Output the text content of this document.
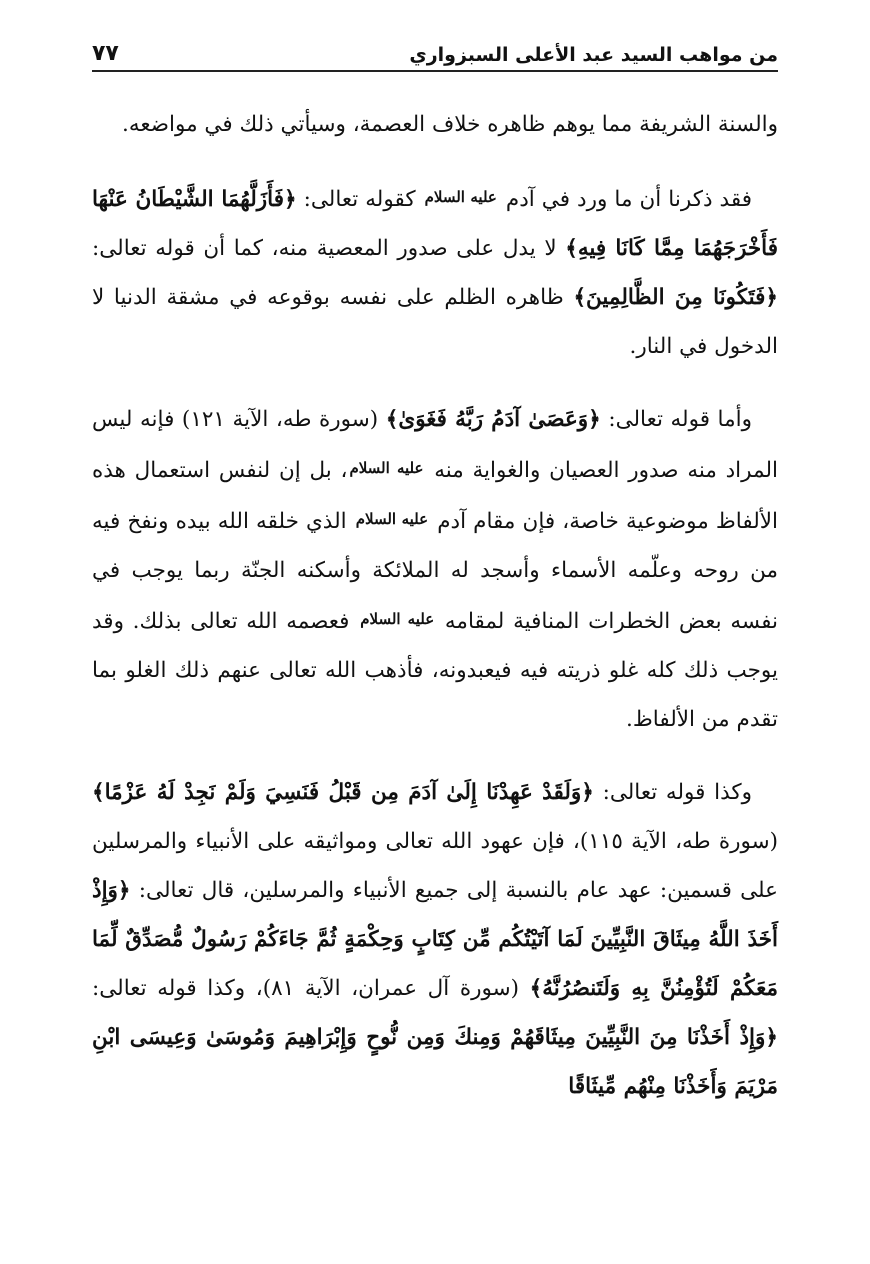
من مواهب السيد عبد الأعلى السبزواري
٧٧

والسنة الشريفة مما يوهم ظاهره خلاف العصمة، وسيأتي ذلك في مواضعه.

فقد ذكرنا أن ما ورد في آدم عليه السلام كقوله تعالى: ﴿فَأَزَلَّهُمَا الشَّيْطَانُ عَنْهَا فَأَخْرَجَهُمَا مِمَّا كَانَا فِيهِ﴾ لا يدل على صدور المعصية منه، كما أن قوله تعالى: ﴿فَتَكُونَا مِنَ الظَّالِمِينَ﴾ ظاهره الظلم على نفسه بوقوعه في مشقة الدنيا لا الدخول في النار.

وأما قوله تعالى: ﴿وَعَصَىٰ آدَمُ رَبَّهُ فَغَوَىٰ﴾ (سورة طه، الآية ١٢١) فإنه ليس المراد منه صدور العصيان والغواية منه عليه السلام، بل إن لنفس استعمال هذه الألفاظ موضوعية خاصة، فإن مقام آدم عليه السلام الذي خلقه الله بيده ونفخ فيه من روحه وعلّمه الأسماء وأسجد له الملائكة وأسكنه الجنّة ربما يوجب في نفسه بعض الخطرات المنافية لمقامه عليه السلام فعصمه الله تعالى بذلك. وقد يوجب ذلك كله غلو ذريته فيه فيعبدونه، فأذهب الله تعالى عنهم ذلك الغلو بما تقدم من الألفاظ.

وكذا قوله تعالى: ﴿وَلَقَدْ عَهِدْنَا إِلَىٰ آدَمَ مِن قَبْلُ فَنَسِيَ وَلَمْ نَجِدْ لَهُ عَزْمًا﴾ (سورة طه، الآية ١١٥)، فإن عهود الله تعالى ومواثيقه على الأنبياء والمرسلين على قسمين: عهد عام بالنسبة إلى جميع الأنبياء والمرسلين، قال تعالى: ﴿وَإِذْ أَخَذَ اللَّهُ مِيثَاقَ النَّبِيِّينَ لَمَا آتَيْتُكُم مِّن كِتَابٍ وَحِكْمَةٍ ثُمَّ جَاءَكُمْ رَسُولٌ مُّصَدِّقٌ لِّمَا مَعَكُمْ لَتُؤْمِنُنَّ بِهِ وَلَتَنصُرُنَّهُ﴾ (سورة آل عمران، الآية ٨١)، وكذا قوله تعالى: ﴿وَإِذْ أَخَذْنَا مِنَ النَّبِيِّينَ مِيثَاقَهُمْ وَمِنكَ وَمِن نُّوحٍ وَإِبْرَاهِيمَ وَمُوسَىٰ وَعِيسَى ابْنِ مَرْيَمَ وَأَخَذْنَا مِنْهُم مِّيثَاقًا
